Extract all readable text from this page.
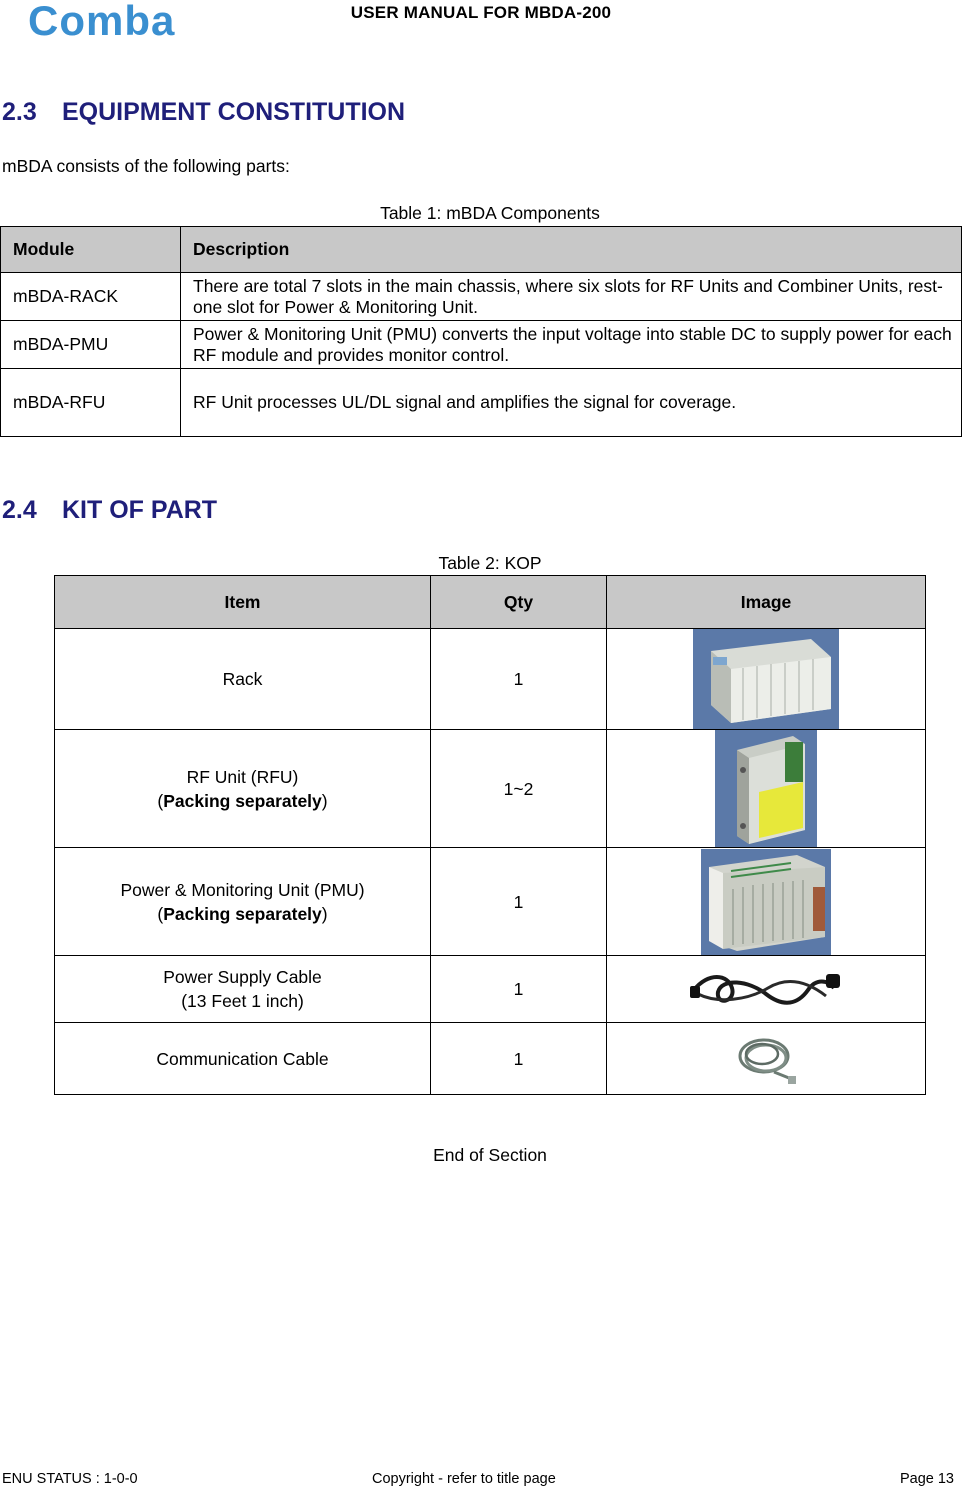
Comba	USER MANUAL FOR MBDA-200
2.3 EQUIPMENT CONSTITUTION
mBDA consists of the following parts:
Table 1: mBDA Components
Module	Description
mBDA-RACK	There are total 7 slots in the main chassis, where six slots for RF Units and Combiner Units, rest-one slot for Power & Monitoring Unit.
mBDA-PMU	Power & Monitoring Unit (PMU) converts the input voltage into stable DC to supply power for each RF module and provides monitor control.
mBDA-RFU	RF Unit processes UL/DL signal and amplifies the signal for coverage.
2.4 KIT OF PART
Table 2: KOP
Item	Qty	Image
Rack	1	

RF Unit (RFU)
(Packing separately)	1~2	

Power & Monitoring Unit (PMU)
(Packing separately)	1	

Power Supply Cable
(13 Feet 1 inch)	1	

Communication Cable	1	
End of Section
ENU STATUS : 1-0-0	Copyright - refer to title page	Page 13
